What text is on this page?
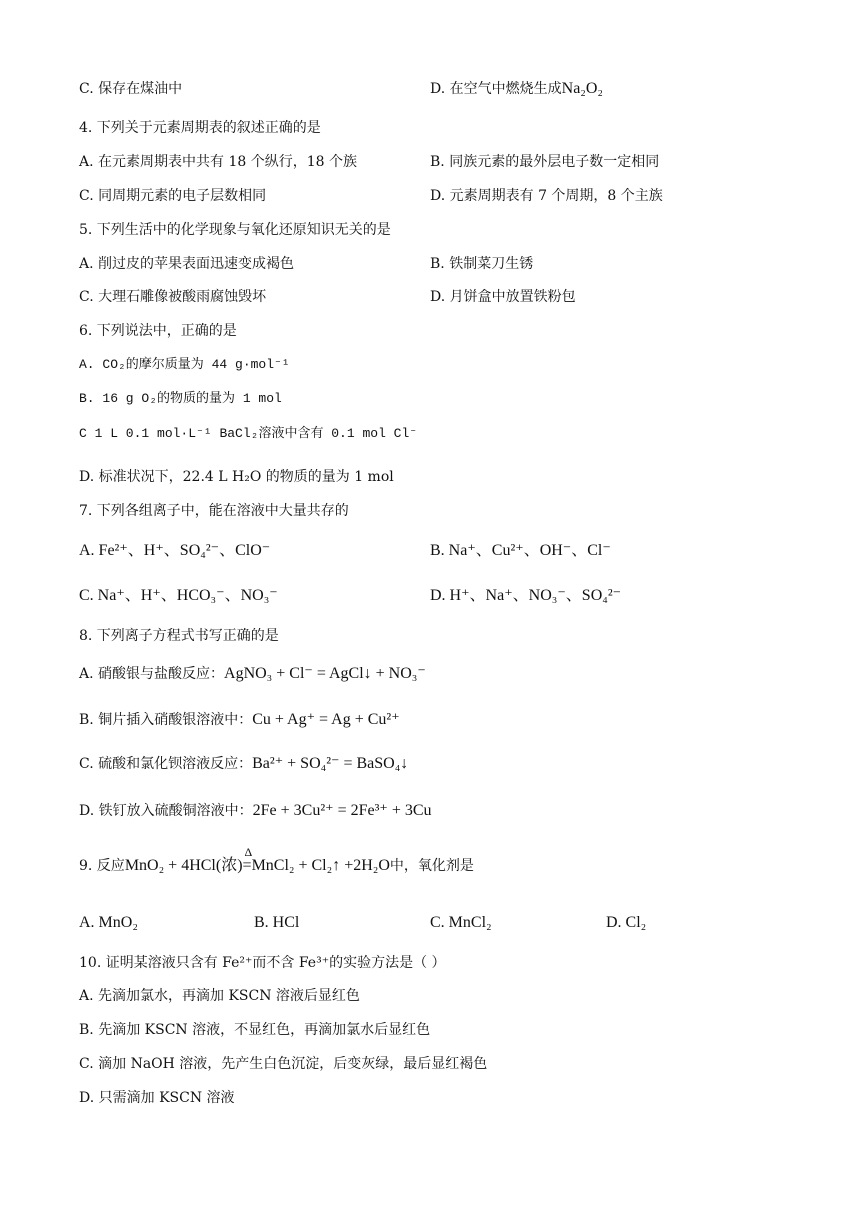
C. 保存在煤油中	D. 在空气中燃烧生成Na₂O₂
4. 下列关于元素周期表的叙述正确的是
A. 在元素周期表中共有 18 个纵行，18 个族	B. 同族元素的最外层电子数一定相同
C. 同周期元素的电子层数相同	D. 元素周期表有 7 个周期，8 个主族
5. 下列生活中的化学现象与氧化还原知识无关的是
A. 削过皮的苹果表面迅速变成褐色	B. 铁制菜刀生锈
C. 大理石雕像被酸雨腐蚀毁坏	D. 月饼盒中放置铁粉包
6. 下列说法中，正确的是
A. CO₂的摩尔质量为 44 g·mol⁻¹
B. 16 g O₂的物质的量为 1 mol
C 1 L 0.1 mol·L⁻¹ BaCl₂溶液中含有 0.1 mol Cl⁻
D. 标准状况下，22.4 L H₂O 的物质的量为 1 mol
7. 下列各组离子中，能在溶液中大量共存的
A. Fe²⁺、H⁺、SO₄²⁻、ClO⁻	B. Na⁺、Cu²⁺、OH⁻、Cl⁻
C. Na⁺、H⁺、HCO₃⁻、NO₃⁻	D. H⁺、Na⁺、NO₃⁻、SO₄²⁻
8. 下列离子方程式书写正确的是
A. 硝酸银与盐酸反应：AgNO₃ + Cl⁻ = AgCl↓ + NO₃⁻
B. 铜片插入硝酸银溶液中：Cu + Ag⁺ = Ag + Cu²⁺
C. 硫酸和氯化钡溶液反应：Ba²⁺ + SO₄²⁻ = BaSO₄↓
D. 铁钉放入硫酸铜溶液中：2Fe + 3Cu²⁺ = 2Fe³⁺ + 3Cu
9. 反应MnO₂ + 4HCl(浓)
Δ
=MnCl₂ + Cl₂↑ +2H₂O中，氧化剂是
A. MnO₂	B. HCl	C. MnCl₂	D. Cl₂
10. 证明某溶液只含有 Fe²⁺而不含 Fe³⁺的实验方法是（ ）
A. 先滴加氯水，再滴加 KSCN 溶液后显红色
B. 先滴加 KSCN 溶液，不显红色，再滴加氯水后显红色
C. 滴加 NaOH 溶液，先产生白色沉淀，后变灰绿，最后显红褐色
D. 只需滴加 KSCN 溶液
